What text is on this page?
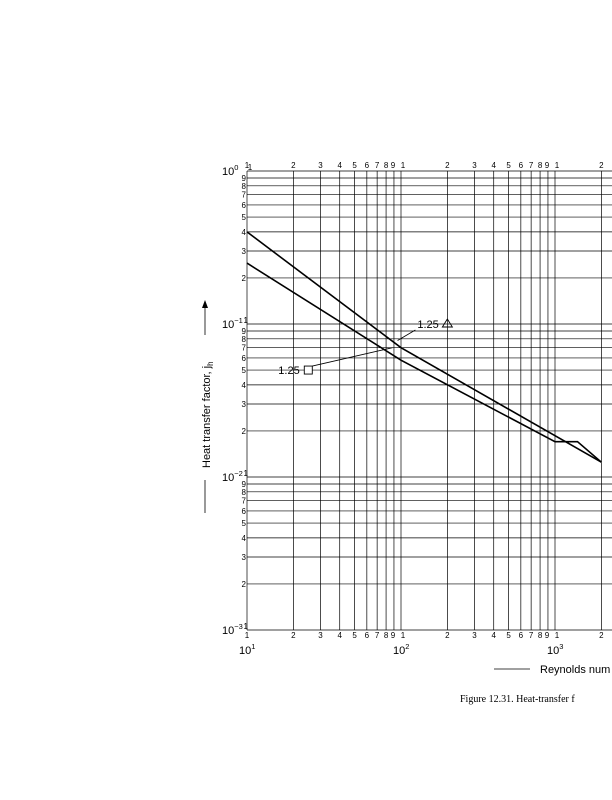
1
1
2
2
3
3
4
4
5
5
6
6
7
7
8
8
9
9
1
1
2
2
3
3
4
4
5
5
6
6
7
7
8
8
9
9
1
1
2
2
1
2
3
4
5
6
7
8
9
1
2
3
4
5
6
7
8
9
1
2
3
4
5
6
7
8
9
1
$10^0$
$10^{-1}$
$10^{-2}$
$10^{-3}$
$10^1$	$10^2$	$10^3$
1.25
1.25
Heat transfer factor, $j_h$
Reynolds num
Figure 12.31. Heat-transfer f
